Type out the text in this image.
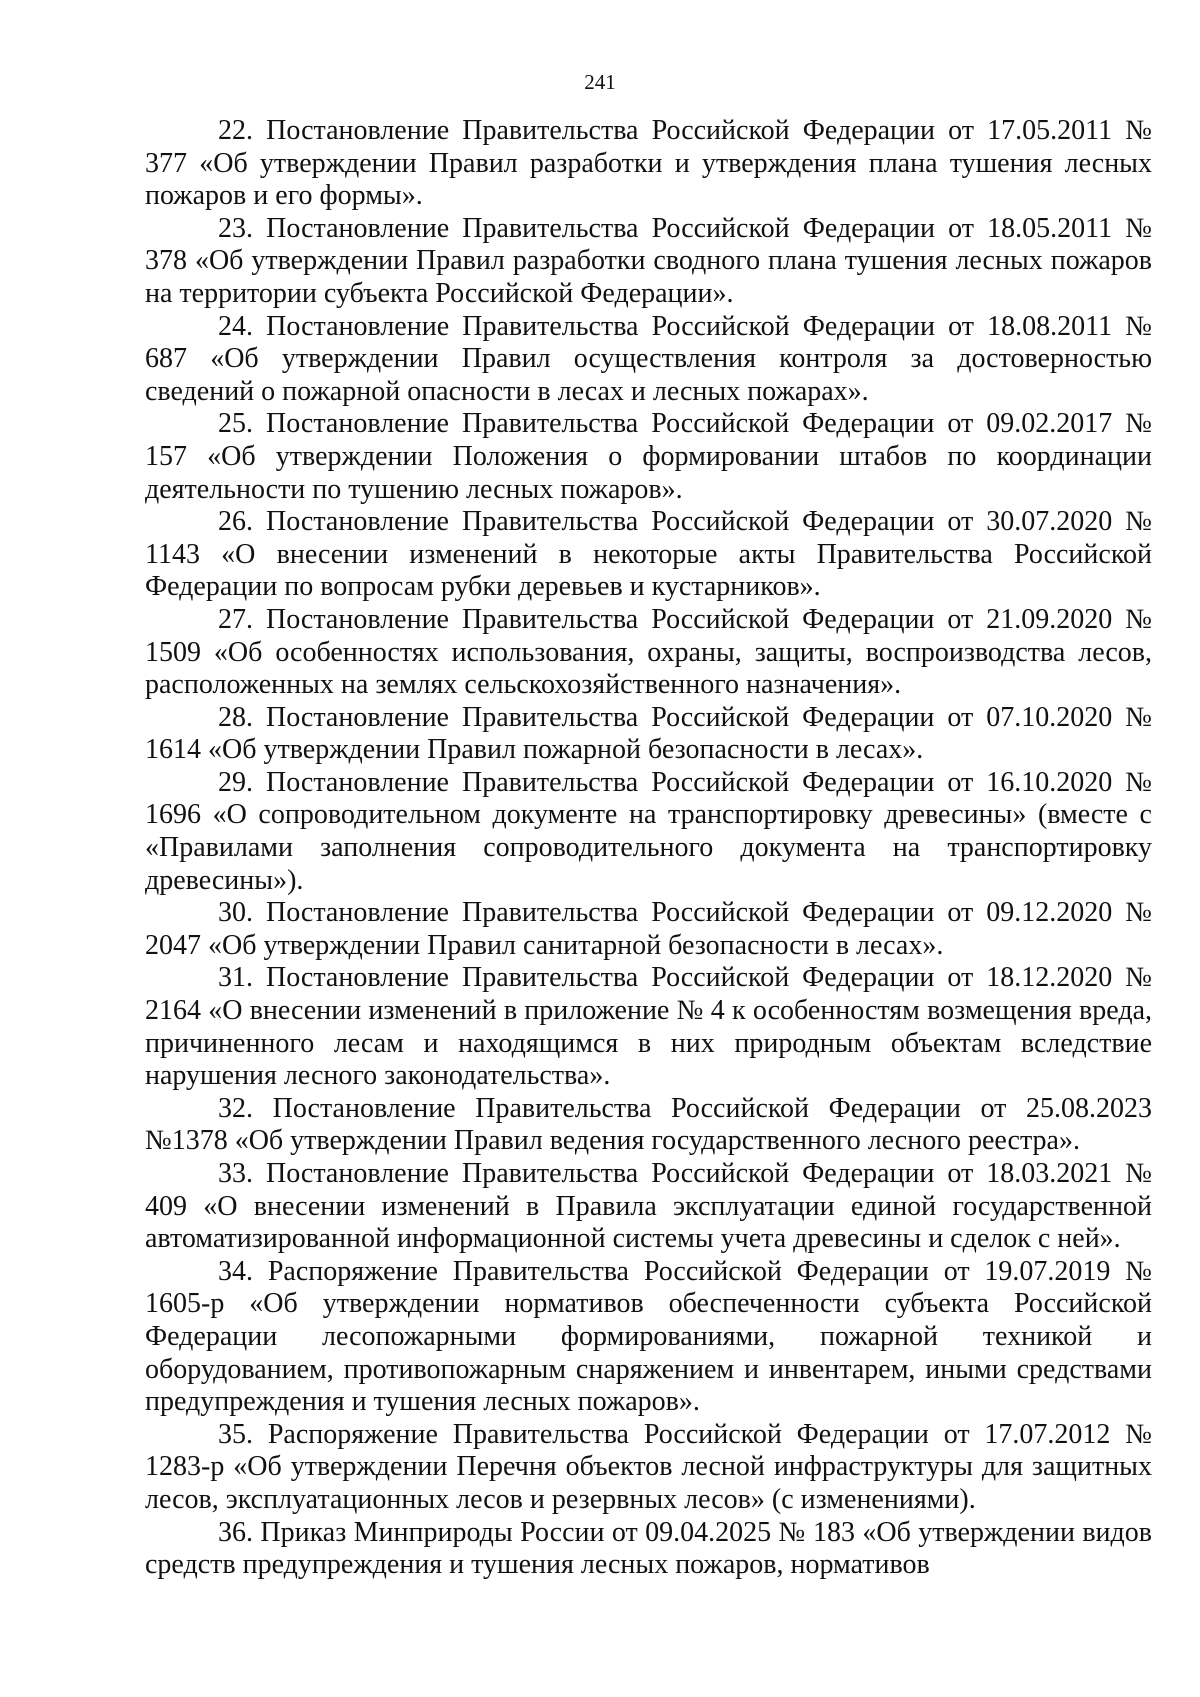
241

22. Постановление Правительства Российской Федерации от 17.05.2011 № 377 «Об утверждении Правил разработки и утверждения плана тушения лесных пожаров и его формы».

23. Постановление Правительства Российской Федерации от 18.05.2011 № 378 «Об утверждении Правил разработки сводного плана тушения лесных пожаров на территории субъекта Российской Федерации».

24. Постановление Правительства Российской Федерации от 18.08.2011 № 687 «Об утверждении Правил осуществления контроля за достоверностью сведений о пожарной опасности в лесах и лесных пожарах».

25. Постановление Правительства Российской Федерации от 09.02.2017 № 157 «Об утверждении Положения о формировании штабов по координации деятельности по тушению лесных пожаров».

26. Постановление Правительства Российской Федерации от 30.07.2020 № 1143 «О внесении изменений в некоторые акты Правительства Российской Федерации по вопросам рубки деревьев и кустарников».

27. Постановление Правительства Российской Федерации от 21.09.2020 № 1509 «Об особенностях использования, охраны, защиты, воспроизводства лесов, расположенных на землях сельскохозяйственного назначения».

28. Постановление Правительства Российской Федерации от 07.10.2020 № 1614 «Об утверждении Правил пожарной безопасности в лесах».

29. Постановление Правительства Российской Федерации от 16.10.2020 № 1696 «О сопроводительном документе на транспортировку древесины» (вместе с «Правилами заполнения сопроводительного документа на транспортировку древесины»).

30. Постановление Правительства Российской Федерации от 09.12.2020 № 2047 «Об утверждении Правил санитарной безопасности в лесах».

31. Постановление Правительства Российской Федерации от 18.12.2020 № 2164 «О внесении изменений в приложение № 4 к особенностям возмещения вреда, причиненного лесам и находящимся в них природным объектам вследствие нарушения лесного законодательства».

32. Постановление Правительства Российской Федерации от 25.08.2023 №1378 «Об утверждении Правил ведения государственного лесного реестра».

33. Постановление Правительства Российской Федерации от 18.03.2021 № 409 «О внесении изменений в Правила эксплуатации единой государственной автоматизированной информационной системы учета древесины и сделок с ней».

34. Распоряжение Правительства Российской Федерации от 19.07.2019 № 1605-р «Об утверждении нормативов обеспеченности субъекта Российской Федерации лесопожарными формированиями, пожарной техникой и оборудованием, противопожарным снаряжением и инвентарем, иными средствами предупреждения и тушения лесных пожаров».

35. Распоряжение Правительства Российской Федерации от 17.07.2012 № 1283-р «Об утверждении Перечня объектов лесной инфраструктуры для защитных лесов, эксплуатационных лесов и резервных лесов» (с изменениями).

36. Приказ Минприроды России от 09.04.2025 № 183 «Об утверждении видов средств предупреждения и тушения лесных пожаров, нормативов
